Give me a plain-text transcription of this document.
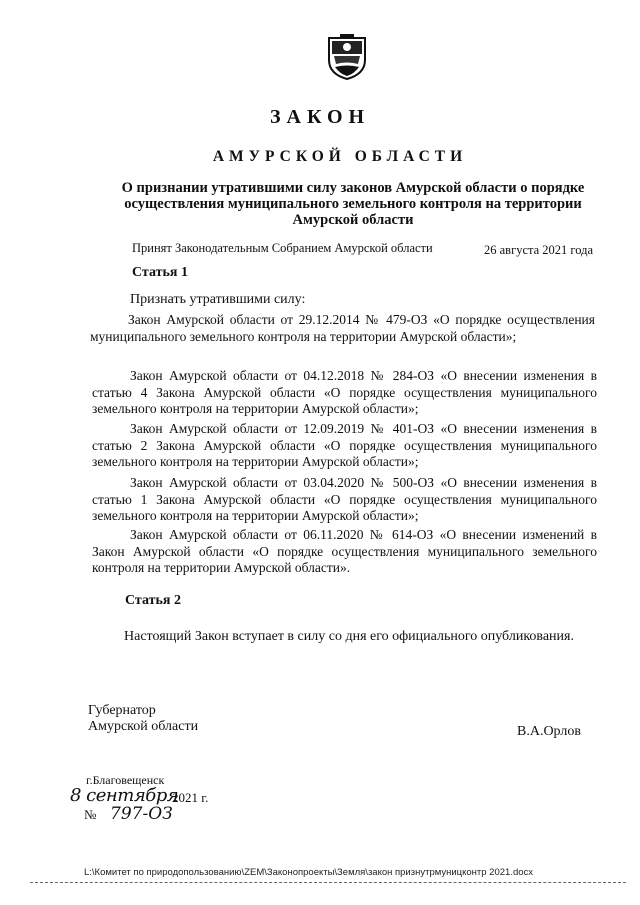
ЗАКОН
АМУРСКОЙ ОБЛАСТИ
О признании утратившими силу законов Амурской области о порядке осуществления муниципального земельного контроля на территории Амурской области
Принят Законодательным Собранием Амурской области	26 августа 2021 года
Статья 1
Признать утратившими силу:
Закон Амурской области от 29.12.2014 № 479-ОЗ «О порядке осуществления муниципального земельного контроля на территории Амурской области»;
Закон Амурской области от 04.12.2018 № 284-ОЗ «О внесении изменения в статью 4 Закона Амурской области «О порядке осуществления муниципального земельного контроля на территории Амурской области»;
Закон Амурской области от 12.09.2019 № 401-ОЗ «О внесении изменения в статью 2 Закона Амурской области «О порядке осуществления муниципального земельного контроля на территории Амурской области»;
Закон Амурской области от 03.04.2020 № 500-ОЗ «О внесении изменения в статью 1 Закона Амурской области «О порядке осуществления муниципального земельного контроля на территории Амурской области»;
Закон Амурской области от 06.11.2020 № 614-ОЗ «О внесении изменений в Закон Амурской области «О порядке осуществления муниципального земельного контроля на территории Амурской области».
Статья 2
Настоящий Закон вступает в силу со дня его официального опубликования.
Губернатор
Амурской области	В.А.Орлов
г.Благовещенск
8 сентября
2021 г.
№ 797-ОЗ
L:\Комитет по природопользованию\ZEM\Законопроекты\Земля\закон признутрмуницконтр 2021.docx
